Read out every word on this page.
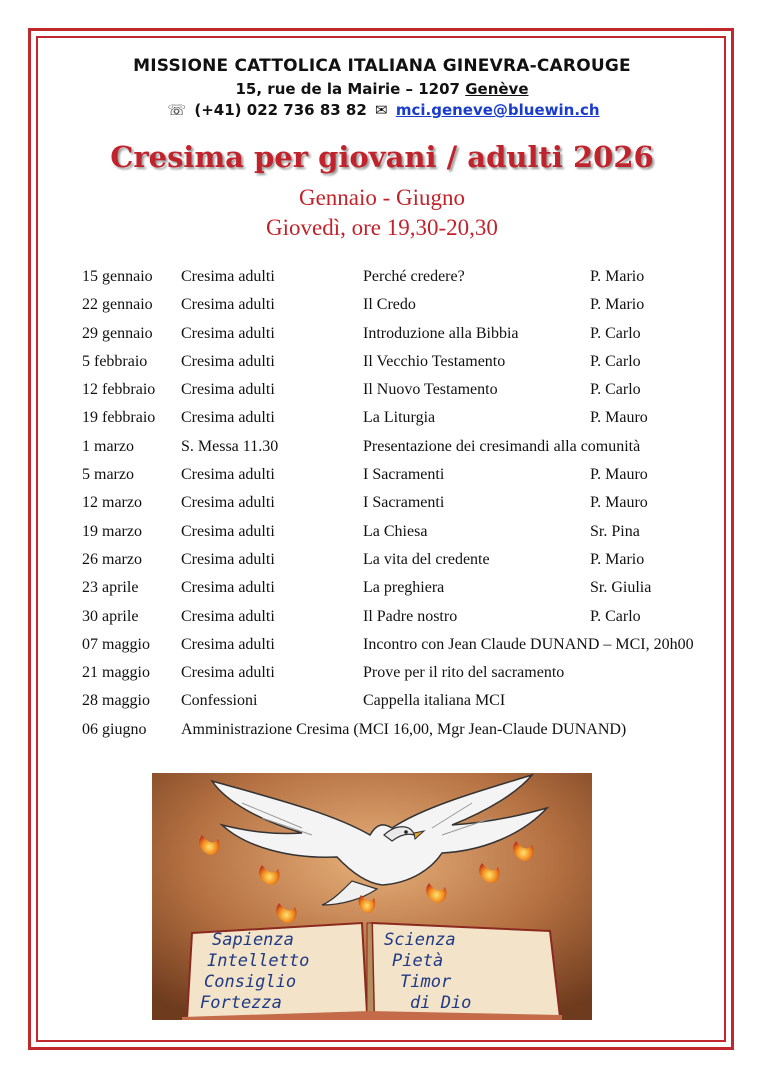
MISSIONE CATTOLICA ITALIANA GINEVRA-CAROUGE
15, rue de la Mairie – 1207 Genève
☏ (+41) 022 736 83 82 ✉ mci.geneve@bluewin.ch
Cresima per giovani / adulti 2026
Gennaio - Giugno
Giovedì, ore 19,30-20,30
15 gennaio Cresima adulti	Perché credere?	P. Mario
22 gennaio Cresima adulti	Il Credo	P. Mario
29 gennaio Cresima adulti	Introduzione alla Bibbia	P. Carlo
5 febbraio Cresima adulti	Il Vecchio Testamento	P. Carlo
12 febbraio Cresima adulti	Il Nuovo Testamento	P. Carlo
19 febbraio Cresima adulti	La Liturgia	P. Mauro
1 marzo	S. Messa 11.30	Presentazione dei cresimandi alla comunità
5 marzo	Cresima adulti	I Sacramenti	P. Mauro
12 marzo Cresima adulti	I Sacramenti	P. Mauro
19 marzo Cresima adulti	La Chiesa	Sr. Pina
26 marzo Cresima adulti	La vita del credente	P. Mario
23 aprile	Cresima adulti	La preghiera	Sr. Giulia
30 aprile	Cresima adulti	Il Padre nostro	P. Carlo
07 maggio Cresima adulti	Incontro con Jean Claude DUNAND – MCI, 20h00
21 maggio Cresima adulti	Prove per il rito del sacramento
28 maggio Confessioni	Cappella italiana MCI
06 giugno Amministrazione Cresima (MCI 16,00, Mgr Jean-Claude DUNAND)
Sapienza
Intelletto
Consiglio
Fortezza
Scienza
Pietà
Timor
di Dio
